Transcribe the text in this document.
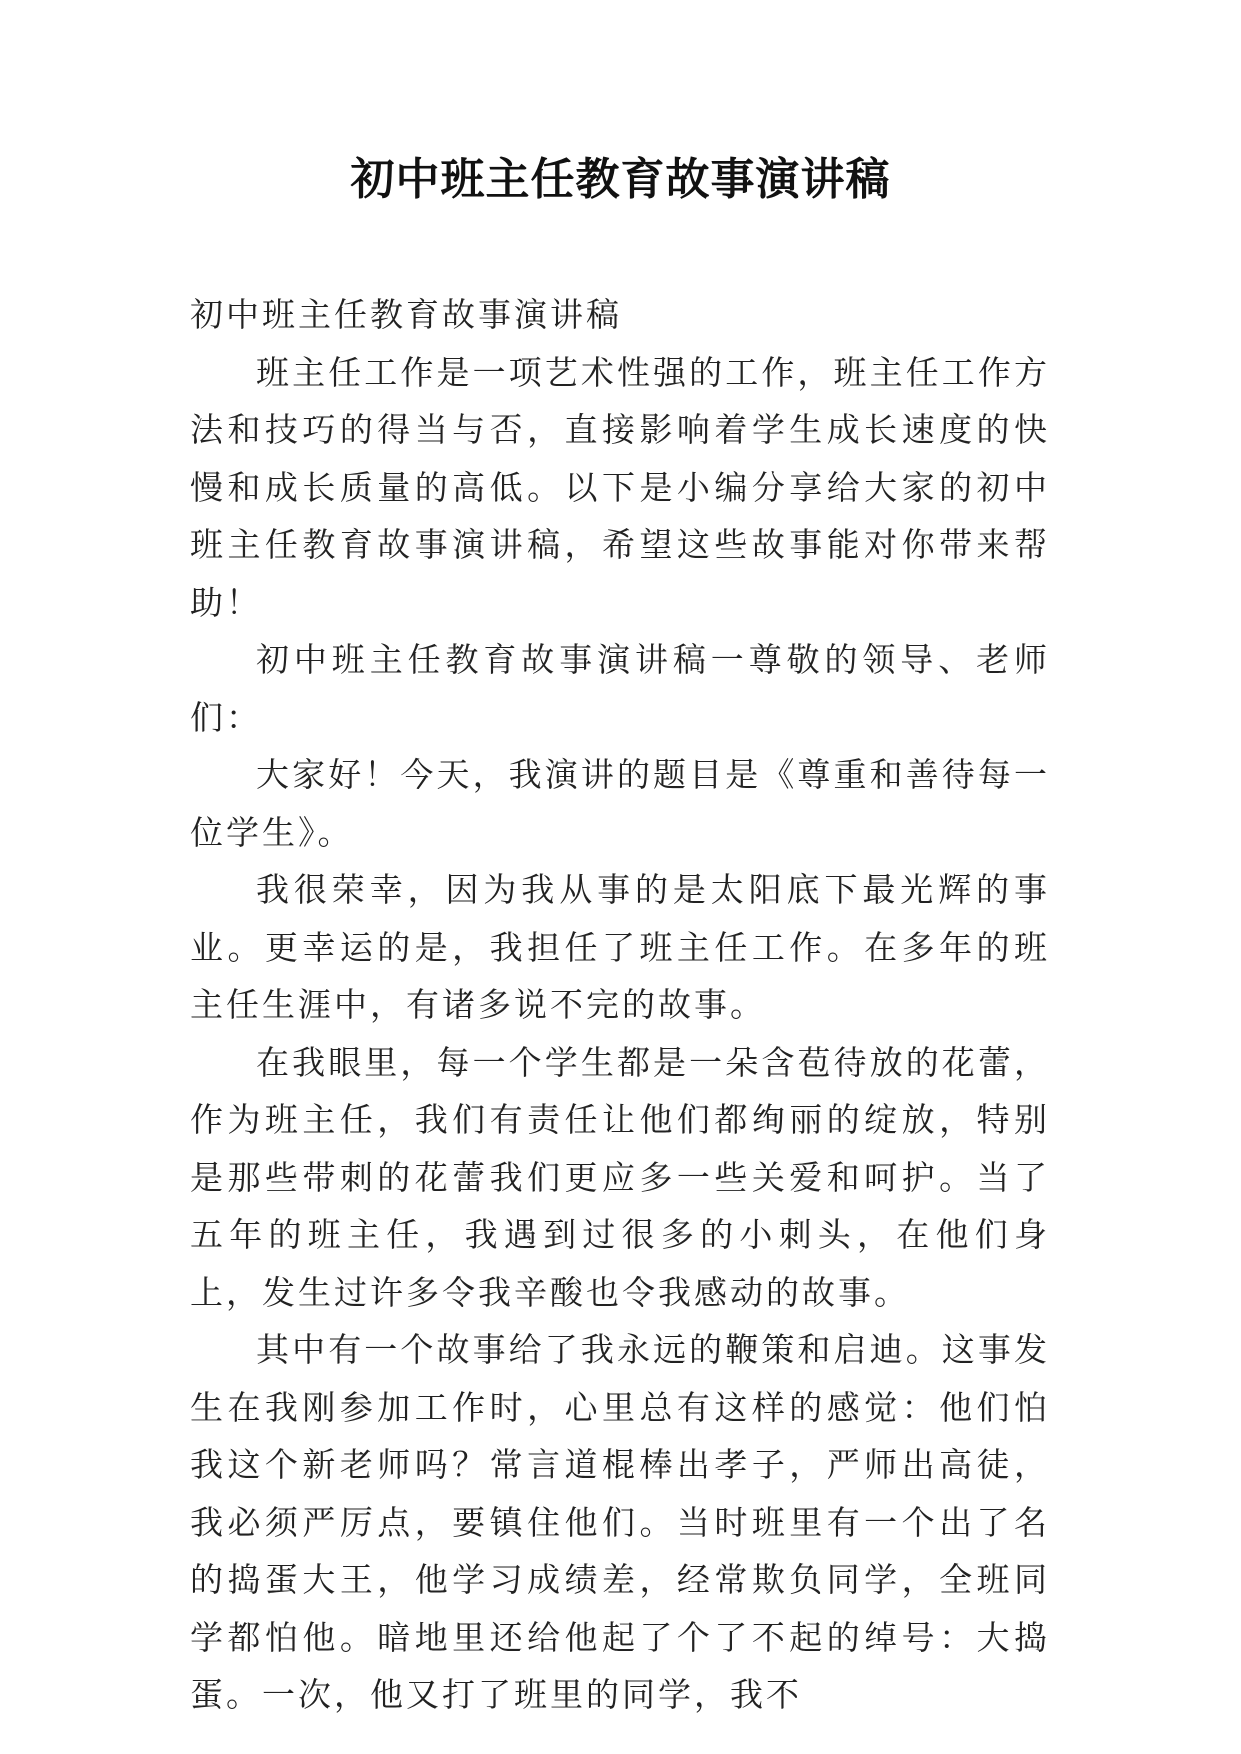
初中班主任教育故事演讲稿

初中班主任教育故事演讲稿

班主任工作是一项艺术性强的工作，班主任工作方法和技巧的得当与否，直接影响着学生成长速度的快慢和成长质量的高低。以下是小编分享给大家的初中班主任教育故事演讲稿，希望这些故事能对你带来帮助！

初中班主任教育故事演讲稿一尊敬的领导、老师们：

大家好！今天，我演讲的题目是《尊重和善待每一位学生》。

我很荣幸，因为我从事的是太阳底下最光辉的事业。更幸运的是，我担任了班主任工作。在多年的班主任生涯中，有诸多说不完的故事。

在我眼里，每一个学生都是一朵含苞待放的花蕾，作为班主任，我们有责任让他们都绚丽的绽放，特别是那些带刺的花蕾我们更应多一些关爱和呵护。当了五年的班主任，我遇到过很多的小刺头，在他们身上，发生过许多令我辛酸也令我感动的故事。

其中有一个故事给了我永远的鞭策和启迪。这事发生在我刚参加工作时，心里总有这样的感觉：他们怕我这个新老师吗？常言道棍棒出孝子，严师出高徒，我必须严厉点，要镇住他们。当时班里有一个出了名的捣蛋大王，他学习成绩差，经常欺负同学，全班同学都怕他。暗地里还给他起了个了不起的绰号：大捣蛋。一次，他又打了班里的同学，我不
